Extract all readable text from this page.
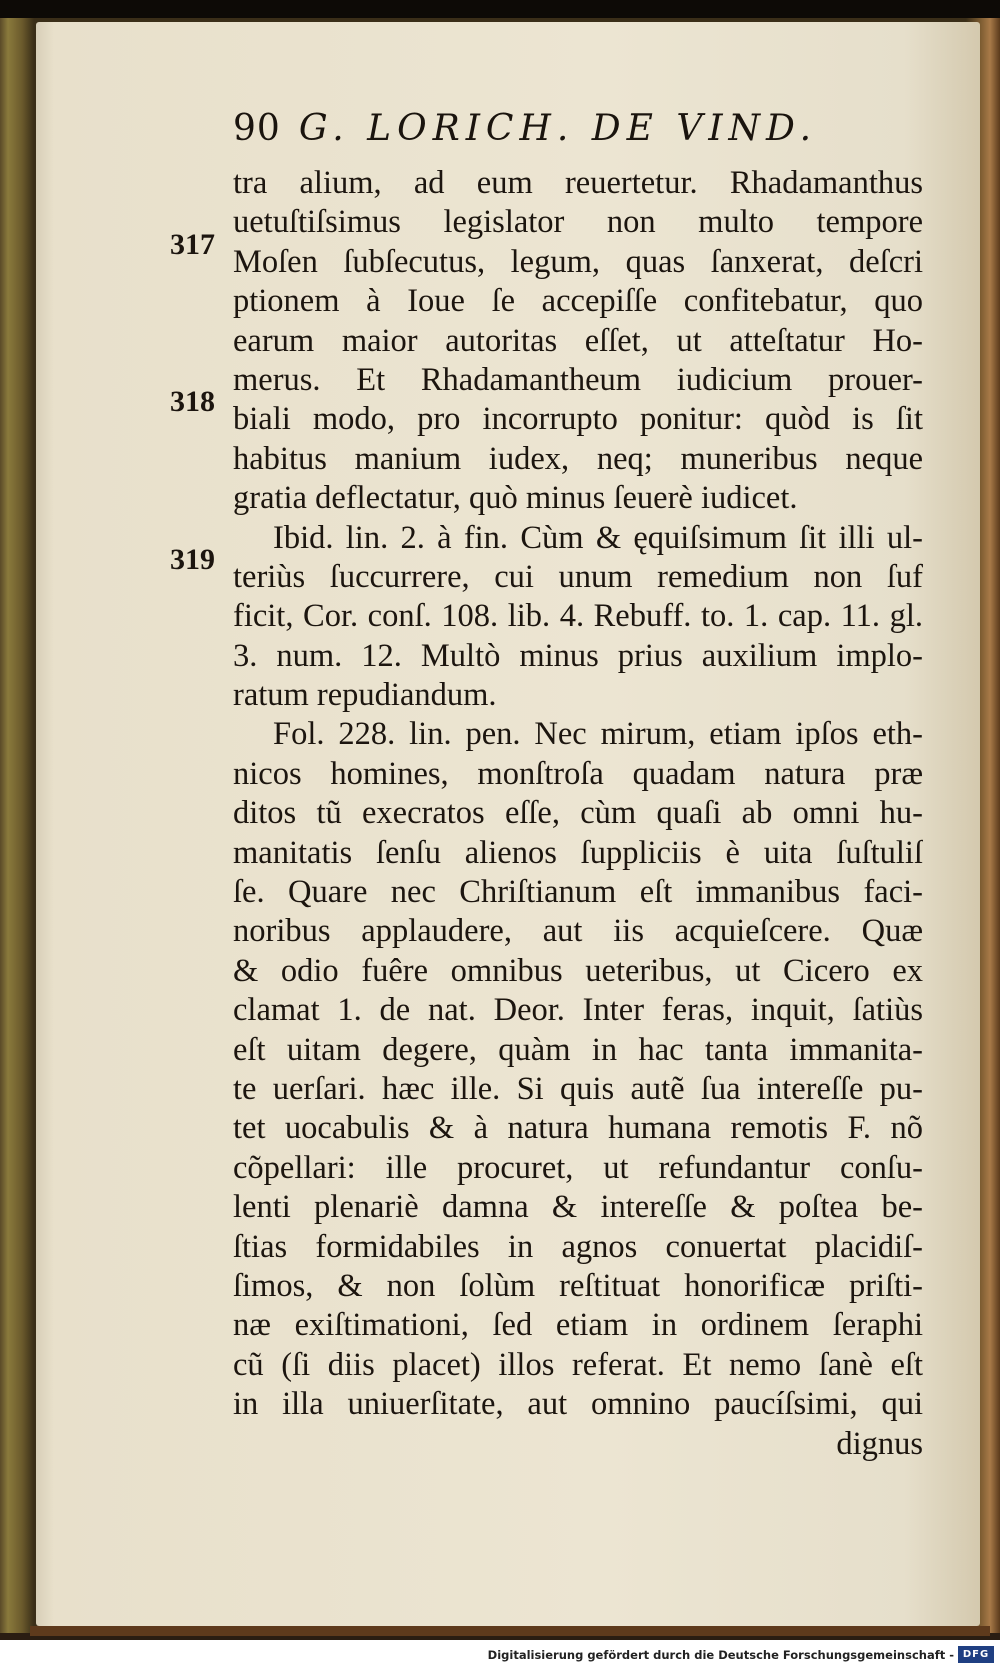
90 G. LORICH. DE VIND.
317
318
319
tra alium, ad eum reuertetur. Rhadamanthus
uetuſtiſsimus legislator non multo tempore
Moſen ſubſecutus, legum, quas ſanxerat, deſcri
ptionem à Ioue ſe accepiſſe confitebatur, quo
earum maior autoritas eſſet, ut atteſtatur Ho-
merus. Et Rhadamantheum iudicium prouer-
biali modo, pro incorrupto ponitur: quòd is ſit
habitus manium iudex, neq; muneribus neque
gratia deflectatur, quò minus ſeuerè iudicet.
Ibid. lin. 2. à fin. Cùm & ęquiſsimum ſit illi ul-
teriùs ſuccurrere, cui unum remedium non ſuf
ficit, Cor. conſ. 108. lib. 4. Rebuff. to. 1. cap. 11. gl.
3. num. 12. Multò minus prius auxilium implo-
ratum repudiandum.
Fol. 228. lin. pen. Nec mirum, etiam ipſos eth-
nicos homines, monſtroſa quadam natura præ
ditos tũ execratos eſſe, cùm quaſi ab omni hu-
manitatis ſenſu alienos ſuppliciis è uita ſuſtuliſ
ſe. Quare nec Chriſtianum eſt immanibus faci-
noribus applaudere, aut iis acquieſcere. Quæ
& odio fuêre omnibus ueteribus, ut Cicero ex
clamat 1. de nat. Deor. Inter feras, inquit, ſatiùs
eſt uitam degere, quàm in hac tanta immanita-
te uerſari. hæc ille. Si quis autẽ ſua intereſſe pu-
tet uocabulis & à natura humana remotis F. nõ
cõpellari: ille procuret, ut refundantur conſu-
lenti plenariè damna & intereſſe & poſtea be-
ſtias formidabiles in agnos conuertat placidiſ-
ſimos, & non ſolùm reſtituat honorificæ priſti-
næ exiſtimationi, ſed etiam in ordinem ſeraphi
cũ (ſi diis placet) illos referat. Et nemo ſanè eſt
in illa uniuerſitate, aut omnino paucíſsimi, qui
dignus
Digitalisierung gefördert durch die Deutsche Forschungsgemeinschaft - DFG
